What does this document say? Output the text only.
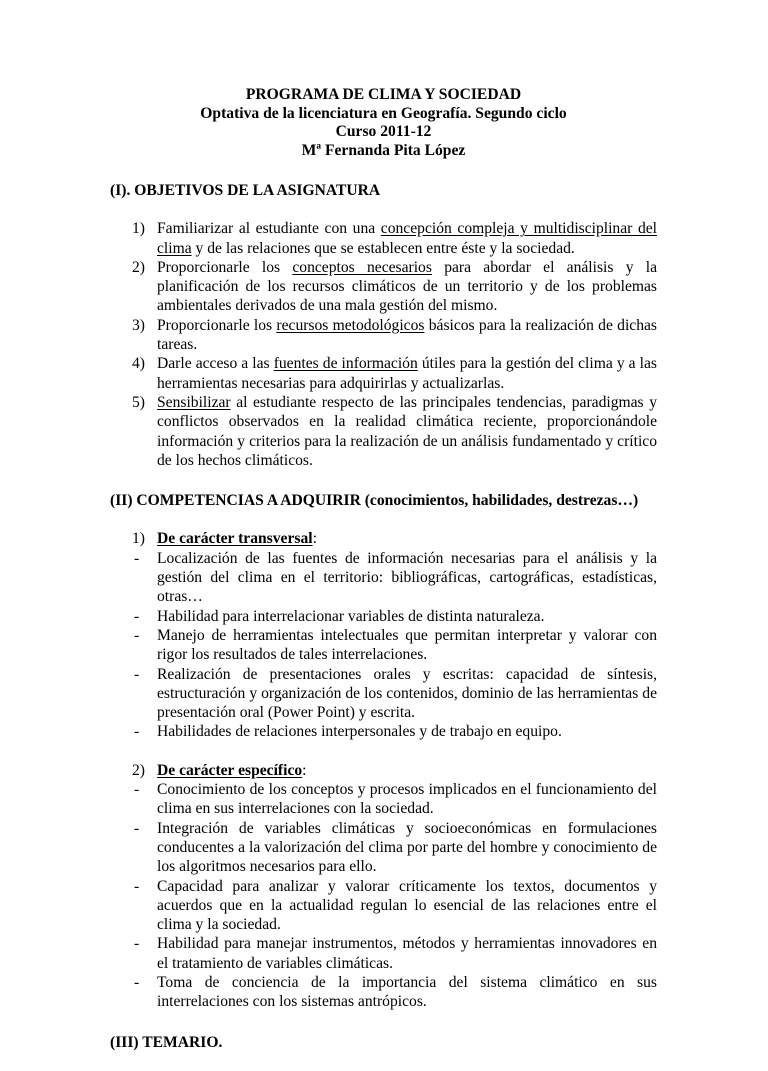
PROGRAMA DE CLIMA Y SOCIEDAD
Optativa de la licenciatura en Geografía. Segundo ciclo
Curso 2011-12
Mª Fernanda Pita López
(I). OBJETIVOS DE LA ASIGNATURA
1) Familiarizar al estudiante con una concepción compleja y multidisciplinar del clima y de las relaciones que se establecen entre éste y la sociedad.
2) Proporcionarle los conceptos necesarios para abordar el análisis y la planificación de los recursos climáticos de un territorio y de los problemas ambientales derivados de una mala gestión del mismo.
3) Proporcionarle los recursos metodológicos básicos para la realización de dichas tareas.
4) Darle acceso a las fuentes de información útiles para la gestión del clima y a las herramientas necesarias para adquirirlas y actualizarlas.
5) Sensibilizar al estudiante respecto de las principales tendencias, paradigmas y conflictos observados en la realidad climática reciente, proporcionándole información y criterios para la realización de un análisis fundamentado y crítico de los hechos climáticos.
(II) COMPETENCIAS A ADQUIRIR (conocimientos, habilidades, destrezas…)
1) De carácter transversal:
- Localización de las fuentes de información necesarias para el análisis y la gestión del clima en el territorio: bibliográficas, cartográficas, estadísticas, otras…
- Habilidad para interrelacionar variables de distinta naturaleza.
- Manejo de herramientas intelectuales que permitan interpretar y valorar con rigor los resultados de tales interrelaciones.
- Realización de presentaciones orales y escritas: capacidad de síntesis, estructuración y organización de los contenidos, dominio de las herramientas de presentación oral (Power Point) y escrita.
- Habilidades de relaciones interpersonales y de trabajo en equipo.
2) De carácter específico:
- Conocimiento de los conceptos y procesos implicados en el funcionamiento del clima en sus interrelaciones con la sociedad.
- Integración de variables climáticas y socioeconómicas en formulaciones conducentes a la valorización del clima por parte del hombre y conocimiento de los algoritmos necesarios para ello.
- Capacidad para analizar y valorar críticamente los textos, documentos y acuerdos que en la actualidad regulan lo esencial de las relaciones entre el clima y la sociedad.
- Habilidad para manejar instrumentos, métodos y herramientas innovadores en el tratamiento de variables climáticas.
- Toma de conciencia de la importancia del sistema climático en sus interrelaciones con los sistemas antrópicos.
(III) TEMARIO.
